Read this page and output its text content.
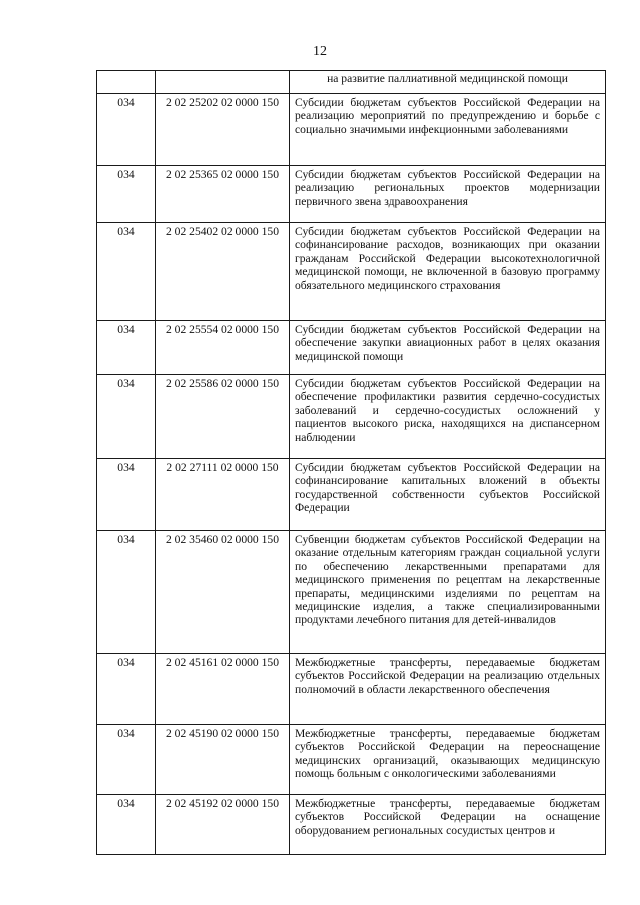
12
		на развитие паллиативной медицинской помощи
034	2 02 25202 02 0000 150	Субсидии бюджетам субъектов Российской Федерации на реализацию мероприятий по предупреждению и борьбе с социально значимыми инфекционными заболеваниями
034	2 02 25365 02 0000 150	Субсидии бюджетам субъектов Российской Федерации на реализацию региональных проектов модернизации первичного звена здравоохранения
034	2 02 25402 02 0000 150	Субсидии бюджетам субъектов Российской Федерации на софинансирование расходов, возникающих при оказании гражданам Российской Федерации высокотехнологичной медицинской помощи, не включенной в базовую программу обязательного медицинского страхования
034	2 02 25554 02 0000 150	Субсидии бюджетам субъектов Российской Федерации на обеспечение закупки авиационных работ в целях оказания медицинской помощи
034	2 02 25586 02 0000 150	Субсидии бюджетам субъектов Российской Федерации на обеспечение профилактики развития сердечно-сосудистых заболеваний и сердечно-сосудистых осложнений у пациентов высокого риска, находящихся на диспансерном наблюдении
034	2 02 27111 02 0000 150	Субсидии бюджетам субъектов Российской Федерации на софинансирование капитальных вложений в объекты государственной собственности субъектов Российской Федерации
034	2 02 35460 02 0000 150	Субвенции бюджетам субъектов Российской Федерации на оказание отдельным категориям граждан социальной услуги по обеспечению лекарственными препаратами для медицинского применения по рецептам на лекарственные препараты, медицинскими изделиями по рецептам на медицинские изделия, а также специализированными продуктами лечебного питания для детей-инвалидов
034	2 02 45161 02 0000 150	Межбюджетные трансферты, передаваемые бюджетам субъектов Российской Федерации на реализацию отдельных полномочий в области лекарственного обеспечения
034	2 02 45190 02 0000 150	Межбюджетные трансферты, передаваемые бюджетам субъектов Российской Федерации на переоснащение медицинских организаций, оказывающих медицинскую помощь больным с онкологическими заболеваниями
034	2 02 45192 02 0000 150	Межбюджетные трансферты, передаваемые бюджетам субъектов Российской Федерации на оснащение оборудованием региональных сосудистых центров и
